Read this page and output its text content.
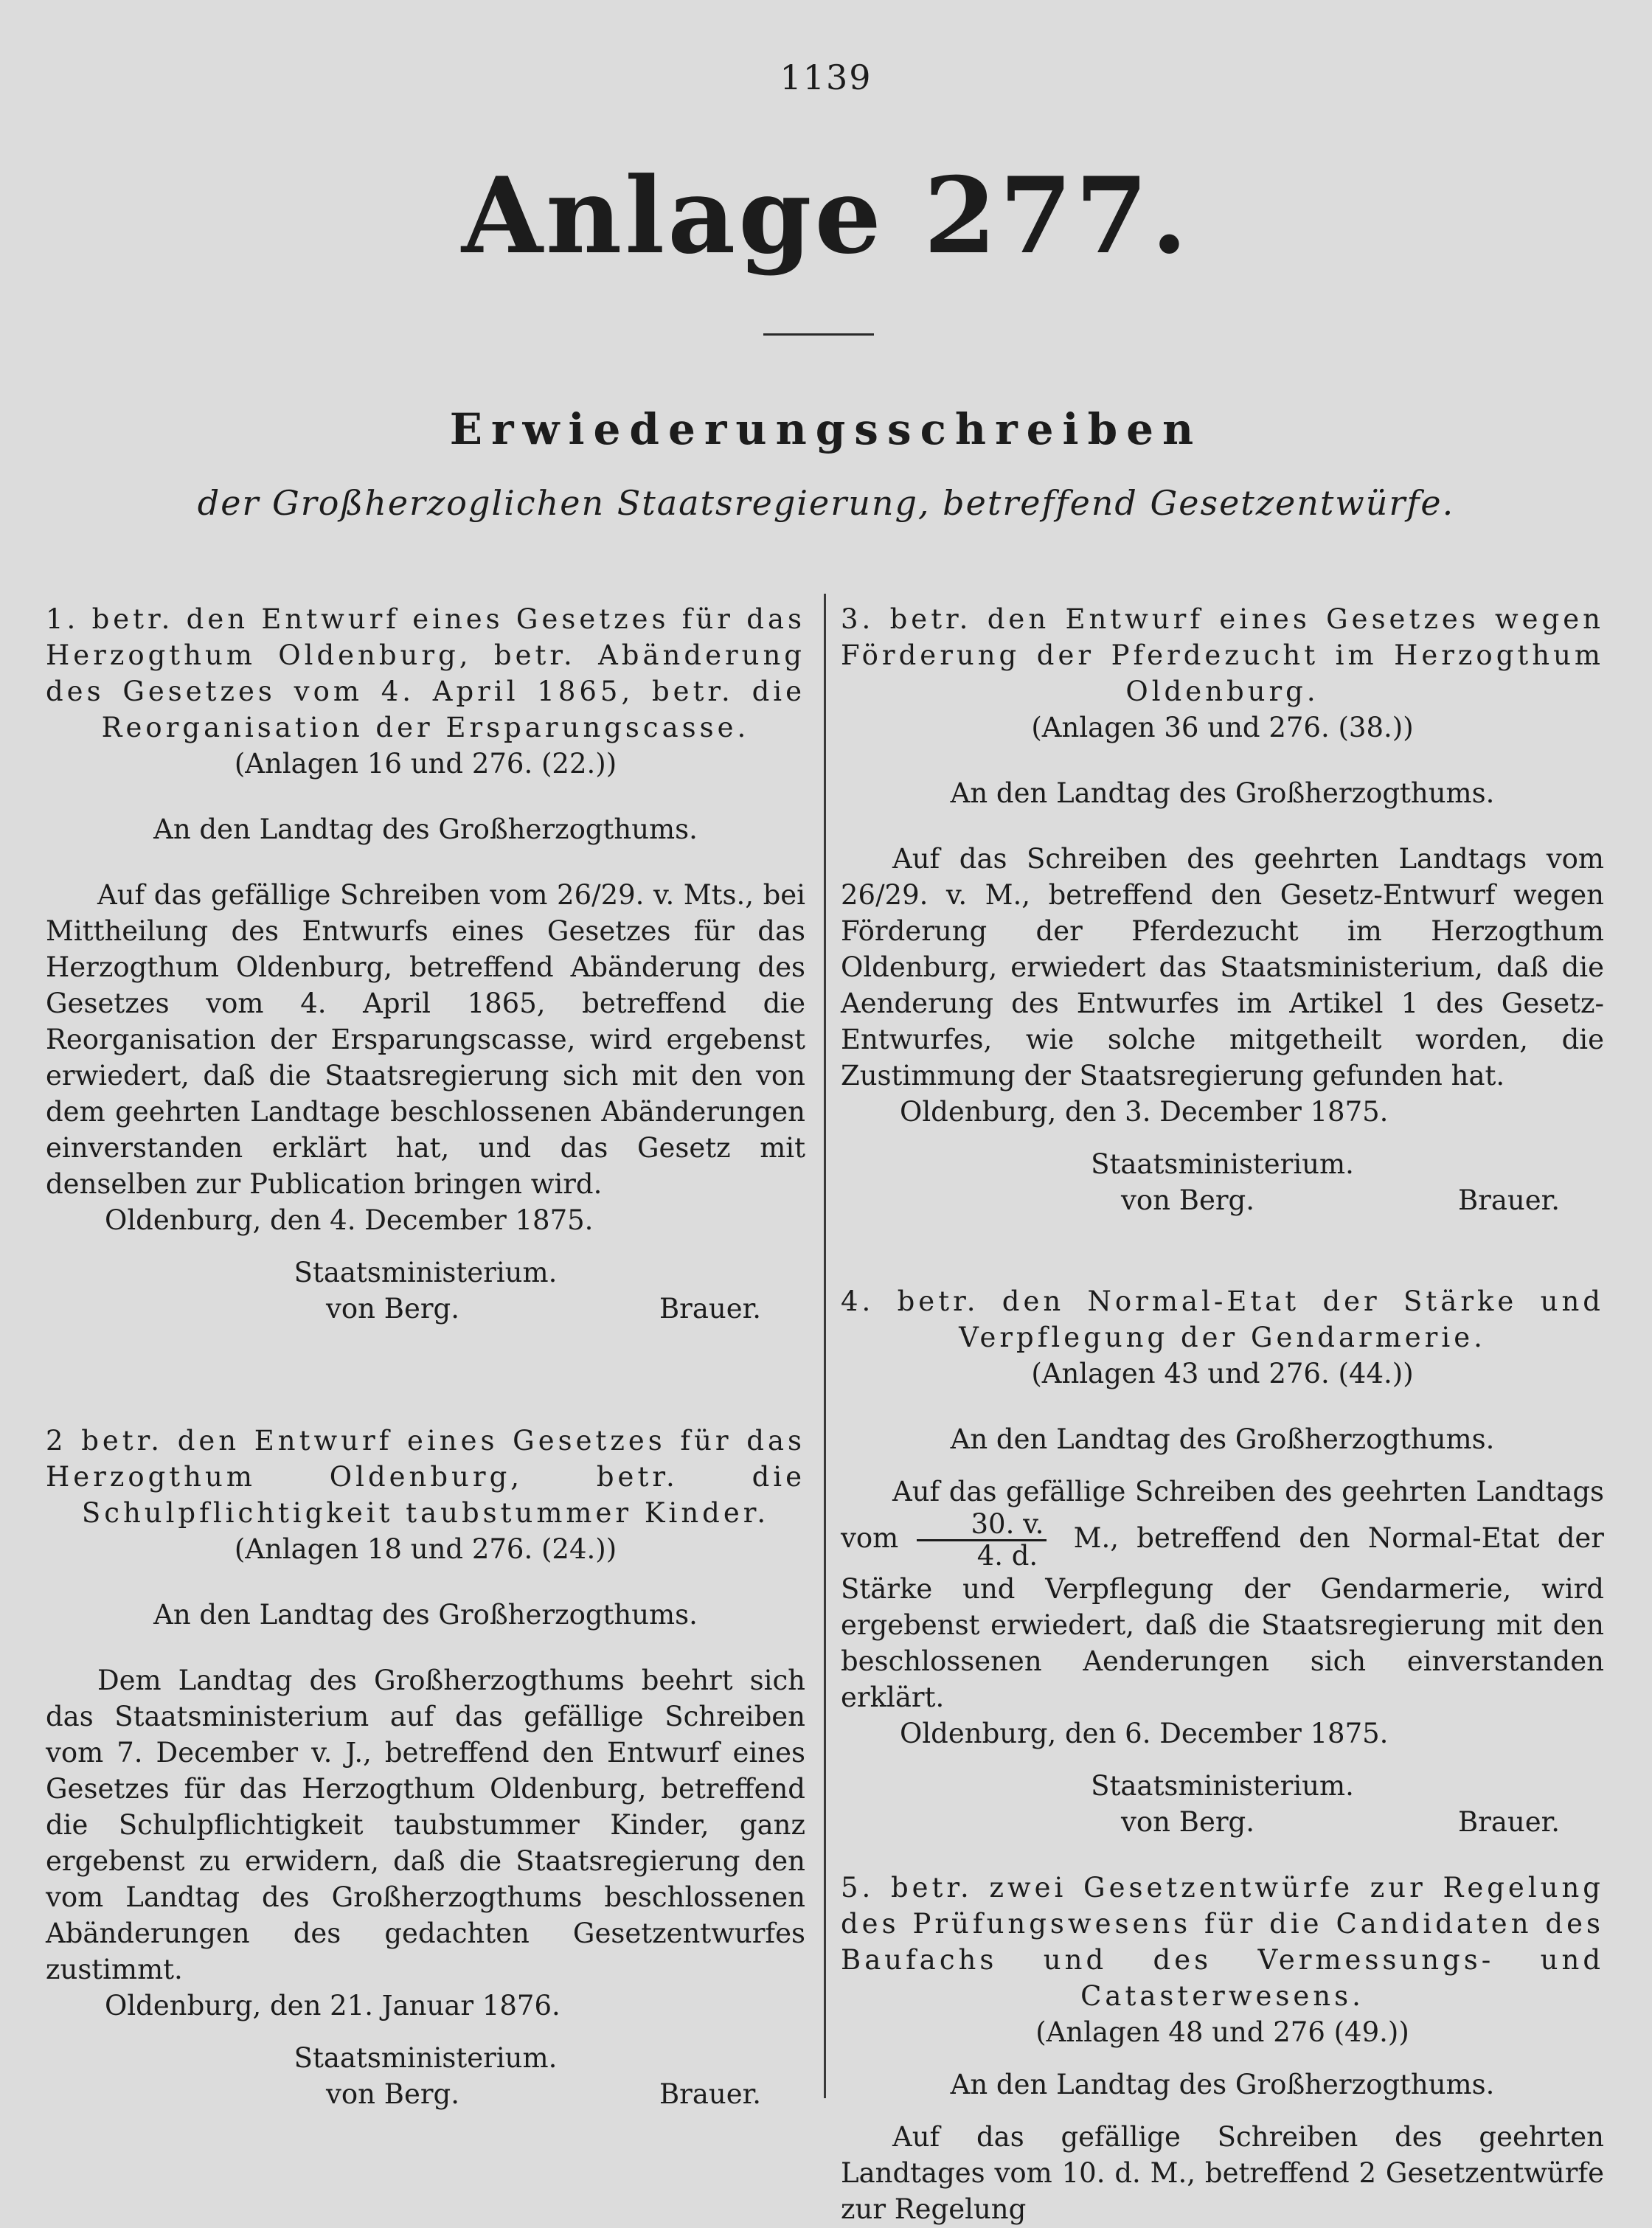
1139
Anlage 277.
Erwiederungsschreiben
der Großherzoglichen Staatsregierung, betreffend Gesetzentwürfe.

1. betr. den Entwurf eines Gesetzes für das Herzogthum Oldenburg, betr. Abänderung des Gesetzes vom 4. April 1865, betr. die Reorganisation der Ersparungscasse.

(Anlagen 16 und 276. (22.))

An den Landtag des Großherzogthums.

Auf das gefällige Schreiben vom 26/29. v. Mts., bei Mittheilung des Entwurfs eines Gesetzes für das Herzogthum Oldenburg, betreffend Abänderung des Gesetzes vom 4. April 1865, betreffend die Reorganisation der Ersparungscasse, wird ergebenst erwiedert, daß die Staatsregierung sich mit den von dem geehrten Landtage beschlossenen Abänderungen einverstanden erklärt hat, und das Gesetz mit denselben zur Publication bringen wird.

Oldenburg, den 4. December 1875.

Staatsministerium.

von Berg.	Brauer.

2 betr. den Entwurf eines Gesetzes für das Herzogthum Oldenburg, betr. die Schulpflichtigkeit taubstummer Kinder.

(Anlagen 18 und 276. (24.))

An den Landtag des Großherzogthums.

Dem Landtag des Großherzogthums beehrt sich das Staatsministerium auf das gefällige Schreiben vom 7. December v. J., betreffend den Entwurf eines Gesetzes für das Herzogthum Oldenburg, betreffend die Schulpflichtigkeit taubstummer Kinder, ganz ergebenst zu erwidern, daß die Staatsregierung den vom Landtag des Großherzogthums beschlossenen Abänderungen des gedachten Gesetzentwurfes zustimmt.

Oldenburg, den 21. Januar 1876.

Staatsministerium.

von Berg.	Brauer.

3. betr. den Entwurf eines Gesetzes wegen Förderung der Pferdezucht im Herzogthum Oldenburg.

(Anlagen 36 und 276. (38.))

An den Landtag des Großherzogthums.

Auf das Schreiben des geehrten Landtags vom 26/29. v. M., betreffend den Gesetz-Entwurf wegen Förderung der Pferdezucht im Herzogthum Oldenburg, erwiedert das Staatsministerium, daß die Aenderung des Entwurfes im Artikel 1 des Gesetz-Entwurfes, wie solche mitgetheilt worden, die Zustimmung der Staatsregierung gefunden hat.

Oldenburg, den 3. December 1875.

Staatsministerium.

von Berg.	Brauer.

4. betr. den Normal-Etat der Stärke und Verpflegung der Gendarmerie.

(Anlagen 43 und 276. (44.))

An den Landtag des Großherzogthums.

Auf das gefällige Schreiben des geehrten Landtags vom $\frac{30. v.}{4. d.} M$., betreffend den Normal-Etat der Stärke und Verpflegung der Gendarmerie, wird ergebenst erwiedert, daß die Staatsregierung mit den beschlossenen Aenderungen sich einverstanden erklärt.

Oldenburg, den 6. December 1875.

Staatsministerium.

von Berg.	Brauer.

5. betr. zwei Gesetzentwürfe zur Regelung des Prüfungswesens für die Candidaten des Baufachs und des Vermessungs- und Catasterwesens.

(Anlagen 48 und 276 (49.))

An den Landtag des Großherzogthums.

Auf das gefällige Schreiben des geehrten Landtages vom 10. d. M., betreffend 2 Gesetzentwürfe zur Regelung
